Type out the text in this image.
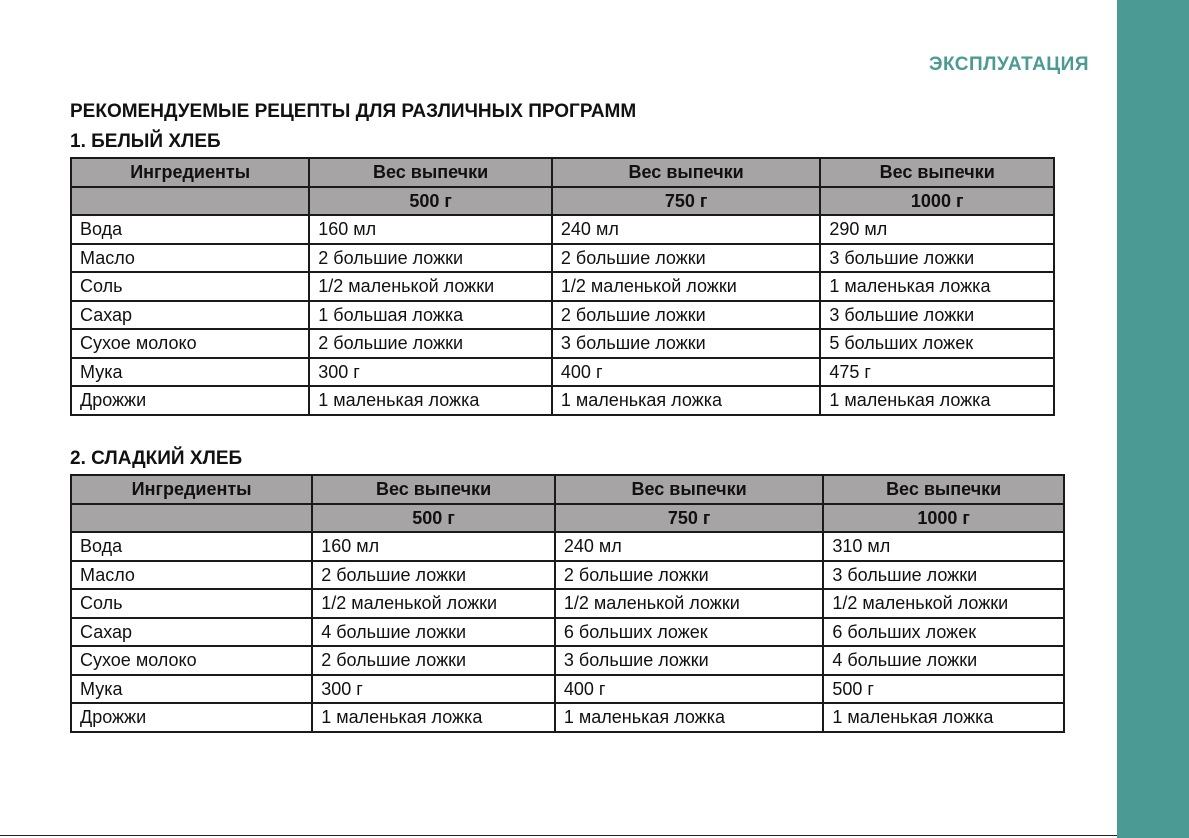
ЭКСПЛУАТАЦИЯ
РЕКОМЕНДУЕМЫЕ РЕЦЕПТЫ ДЛЯ РАЗЛИЧНЫХ ПРОГРАММ
1. БЕЛЫЙ ХЛЕБ
Ингредиенты	Вес выпечки	Вес выпечки	Вес выпечки
	500 г	750 г	1000 г
Вода	160 мл	240 мл	290 мл
Масло	2 большие ложки	2 большие ложки	3 большие ложки
Соль	1/2 маленькой ложки	1/2 маленькой ложки	1 маленькая ложка
Сахар	1 большая ложка	2 большие ложки	3 большие ложки
Сухое молоко	2 большие ложки	3 большие ложки	5 больших ложек
Мука	300 г	400 г	475 г
Дрожжи	1 маленькая ложка	1 маленькая ложка	1 маленькая ложка
2. СЛАДКИЙ ХЛЕБ
Ингредиенты	Вес выпечки	Вес выпечки	Вес выпечки
	500 г	750 г	1000 г
Вода	160 мл	240 мл	310 мл
Масло	2 большие ложки	2 большие ложки	3 большие ложки
Соль	1/2 маленькой ложки	1/2 маленькой ложки	1/2 маленькой ложки
Сахар	4 большие ложки	6 больших ложек	6 больших ложек
Сухое молоко	2 большие ложки	3 большие ложки	4 большие ложки
Мука	300 г	400 г	500 г
Дрожжи	1 маленькая ложка	1 маленькая ложка	1 маленькая ложка
